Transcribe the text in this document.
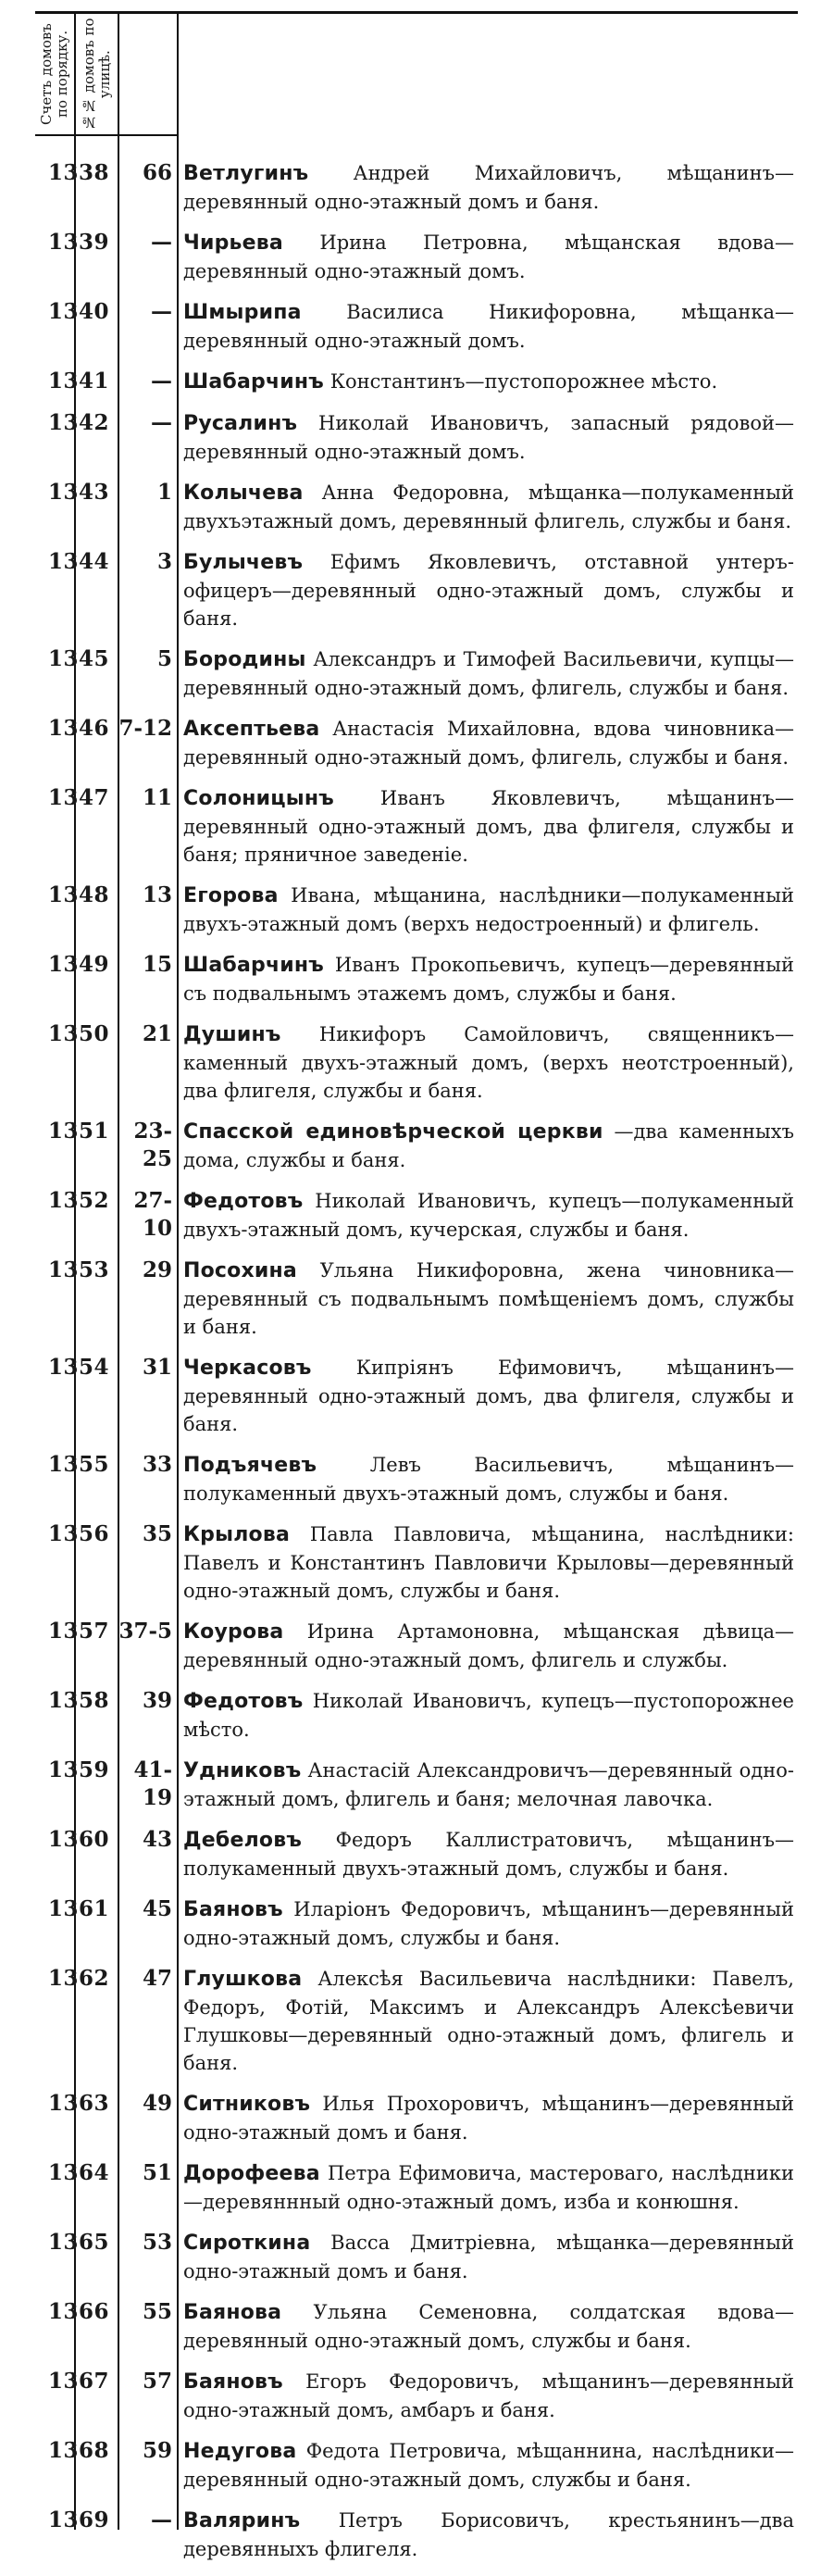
Счетъ домовъ по порядку. №№ домовъ по улицѣ.
1338	66 Ветлугинъ Андрей Михайловичъ, мѣщанинъ—деревянный одно-этажный домъ и баня.
1339	— Чирьева Ирина Петровна, мѣщанская вдова—деревянный одно-этажный домъ.
1340	— Шмырипа Василиса Никифоровна, мѣщанка—деревянный одно-этажный домъ.
1341	— Шабарчинъ Константинъ—пустопорожнее мѣсто.
1342	— Русалинъ Николай Ивановичъ, запасный рядовой—деревянный одно-этажный домъ.
1343	1 Колычева Анна Федоровна, мѣщанка—полукаменный двухъэтажный домъ, деревянный флигель, службы и баня.
1344	3 Булычевъ Ефимъ Яковлевичъ, отставной унтеръ-офицеръ—деревянный одно-этажный домъ, службы и баня.
1345	5 Бородины Александръ и Тимофей Васильевичи, купцы—деревянный одно-этажный домъ, флигель, службы и баня.
1346 7-12 Аксептьева Анастасія Михайловна, вдова чиновника—деревянный одно-этажный домъ, флигель, службы и баня.
1347	11 Солоницынъ Иванъ Яковлевичъ, мѣщанинъ—деревянный одно-этажный домъ, два флигеля, службы и баня; пряничное заведеніе.
1348	13 Егорова Ивана, мѣщанина, наслѣдники—полукаменный двухъ-этажный домъ (верхъ недостроенный) и флигель.
1349	15 Шабарчинъ Иванъ Прокопьевичъ, купецъ—деревянный съ подвальнымъ этажемъ домъ, службы и баня.
1350	21 Душинъ Никифоръ Самойловичъ, священникъ—каменный двухъ-этажный домъ, (верхъ неотстроенный), два флигеля, службы и баня.
1351	23-25
Спасской единовѣрческой церкви —два каменныхъ дома, службы и баня.
1352	27-10
Федотовъ Николай Ивановичъ, купецъ—полукаменный двухъ-этажный домъ, кучерская, службы и баня.
1353	29 Посохина Ульяна Никифоровна, жена чиновника—деревянный съ подвальнымъ помѣщеніемъ домъ, службы и баня.
1354	31 Черкасовъ Кипріянъ Ефимовичъ, мѣщанинъ—деревянный одно-этажный домъ, два флигеля, службы и баня.
1355	33 Подъячевъ	Левъ Васильевичъ, мѣщанинъ—полукаменный двухъ-этажный домъ, службы и баня.
1356	35 Крылова Павла Павловича, мѣщанина, наслѣдники: Павелъ и Константинъ Павловичи Крыловы—деревянный одно-этажный домъ, службы и баня.
1357 37-5 Коурова Ирина Артамоновна, мѣщанская дѣвица—деревянный одно-этажный домъ, флигель и службы.
1358	39 Федотовъ Николай Ивановичъ, купецъ—пустопорожнее мѣсто.
1359	41-19
Удниковъ Анастасій Александровичъ—деревянный одно-этажный домъ, флигель и баня; мелочная лавочка.
1360	43 Дебеловъ Федоръ Каллистратовичъ, мѣщанинъ—полукаменный двухъ-этажный домъ, службы и баня.
1361	45 Баяновъ Иларіонъ Федоровичъ, мѣщанинъ—деревянный одно-этажный домъ, службы и баня.
1362	47 Глушкова Алексѣя Васильевича наслѣдники: Павелъ, Федоръ, Фотій, Максимъ и Александръ Алексѣевичи Глушковы—деревянный одно-этажный домъ, флигель и баня.
1363	49 Ситниковъ Илья Прохоровичъ, мѣщанинъ—деревянный одно-этажный домъ и баня.
1364	51 Дорофеева Петра Ефимовича, мастероваго, наслѣдники—деревяннный одно-этажный домъ, изба и конюшня.
1365	53 Сироткина Васса Дмитріевна, мѣщанка—деревянный одно-этажный домъ и баня.
1366	55 Баянова Ульяна Семеновна, солдатская вдова—деревянный одно-этажный домъ, службы и баня.
1367	57 Баяновъ Егоръ Федоровичъ, мѣщанинъ—деревянный одно-этажный домъ, амбаръ и баня.
1368	59 Недугова Федота Петровича, мѣщаннина, наслѣдники—деревянный одно-этажный домъ, службы и баня.
1369	— Валяринъ Петръ Борисовичъ, крестьянинъ—два деревянныхъ флигеля.
